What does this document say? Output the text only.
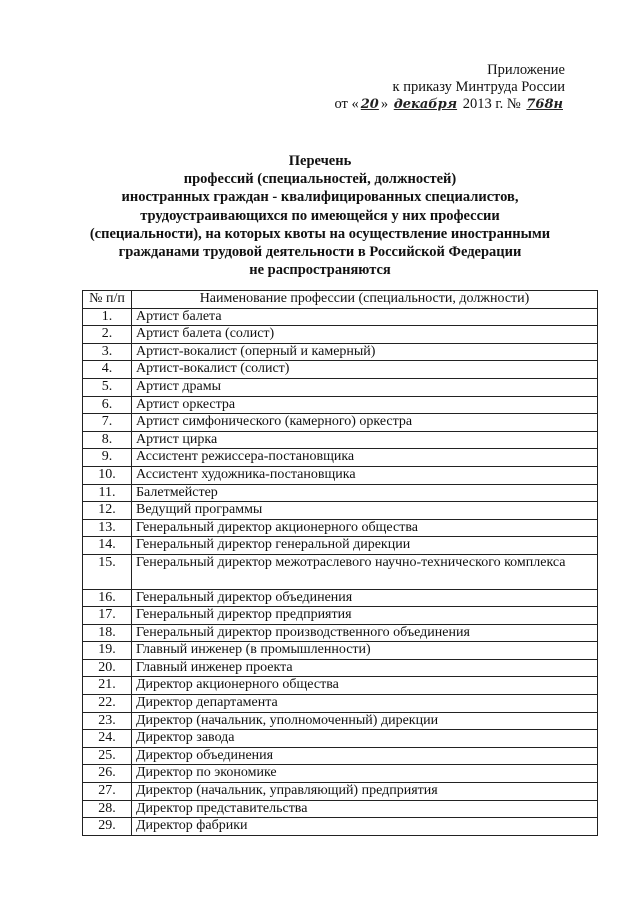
Приложение
к приказу Минтруда России
от « 20 » декабря 2013 г. № 768н
Перечень
профессий (специальностей, должностей)
иностранных граждан - квалифицированных специалистов,
трудоустраивающихся по имеющейся у них профессии
(специальности), на которых квоты на осуществление иностранными
гражданами трудовой деятельности в Российской Федерации
не распространяются
№ п/п	Наименование профессии (специальности, должности)
1.	Артист балета
2.	Артист балета (солист)
3.	Артист-вокалист (оперный и камерный)
4.	Артист-вокалист (солист)
5.	Артист драмы
6.	Артист оркестра
7.	Артист симфонического (камерного) оркестра
8.	Артист цирка
9.	Ассистент режиссера-постановщика
10.	Ассистент художника-постановщика
11.	Балетмейстер
12.	Ведущий программы
13.	Генеральный директор акционерного общества
14.	Генеральный директор генеральной дирекции
15.	Генеральный директор межотраслевого научно-технического комплекса
16.	Генеральный директор объединения
17.	Генеральный директор предприятия
18.	Генеральный директор производственного объединения
19.	Главный инженер (в промышленности)
20.	Главный инженер проекта
21.	Директор акционерного общества
22.	Директор департамента
23.	Директор (начальник, уполномоченный) дирекции
24.	Директор завода
25.	Директор объединения
26.	Директор по экономике
27.	Директор (начальник, управляющий) предприятия
28.	Директор представительства
29.	Директор фабрики
